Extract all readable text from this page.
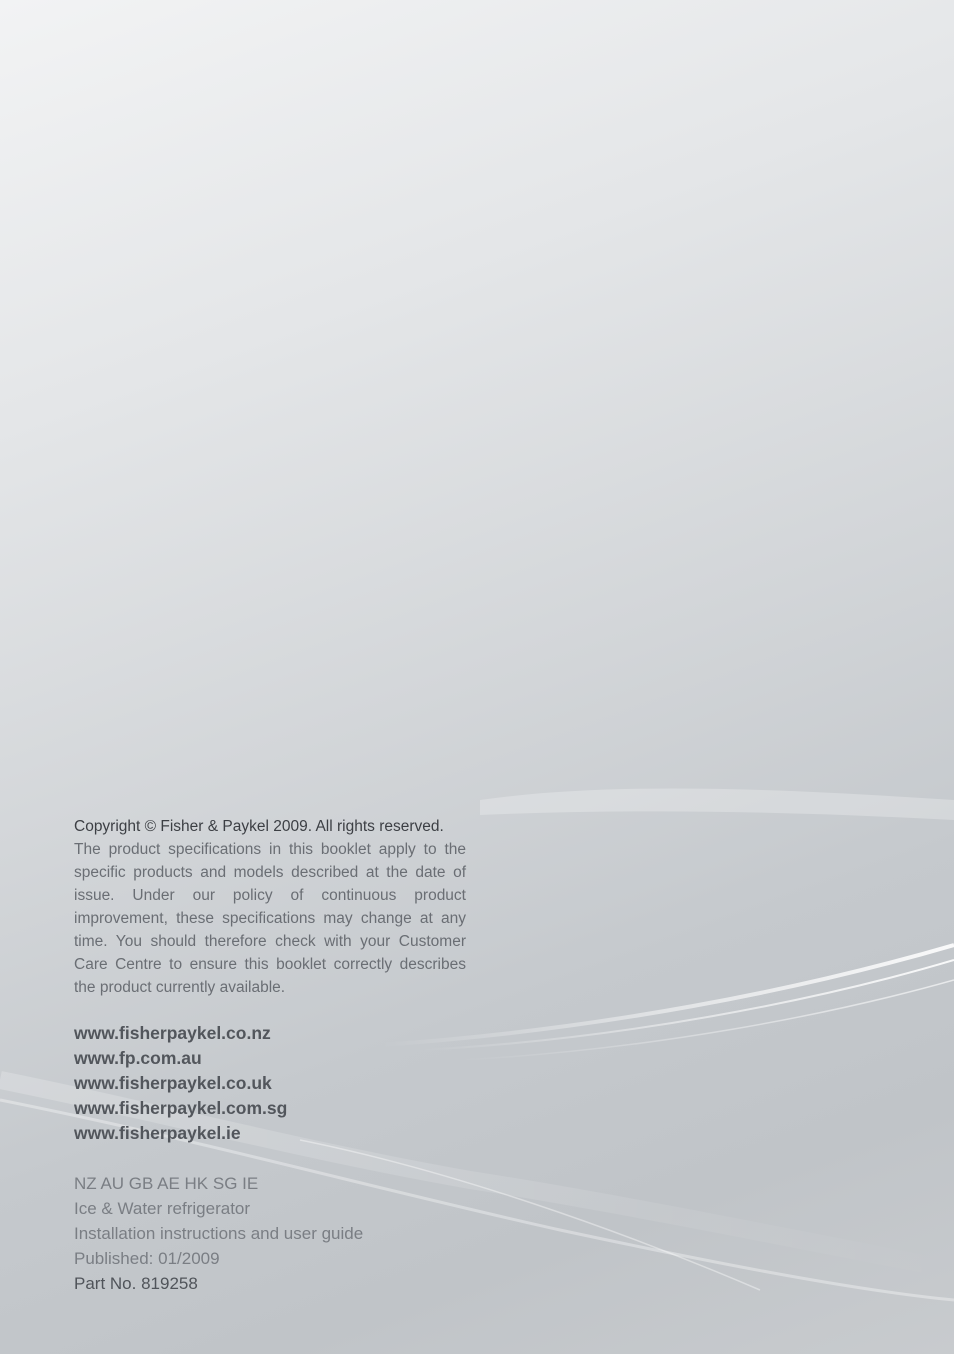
Copyright © Fisher & Paykel 2009. All rights reserved.

The product specifications in this booklet apply to the specific products and models described at the date of issue. Under our policy of continuous product improvement, these specifications may change at any time. You should therefore check with your Customer Care Centre to ensure this booklet correctly describes the product currently available.

www.fisherpaykel.co.nz
www.fp.com.au
www.fisherpaykel.co.uk
www.fisherpaykel.com.sg
www.fisherpaykel.ie
NZ AU GB AE HK SG IE
Ice & Water refrigerator
Installation instructions and user guide
Published: 01/2009
Part No. 819258
